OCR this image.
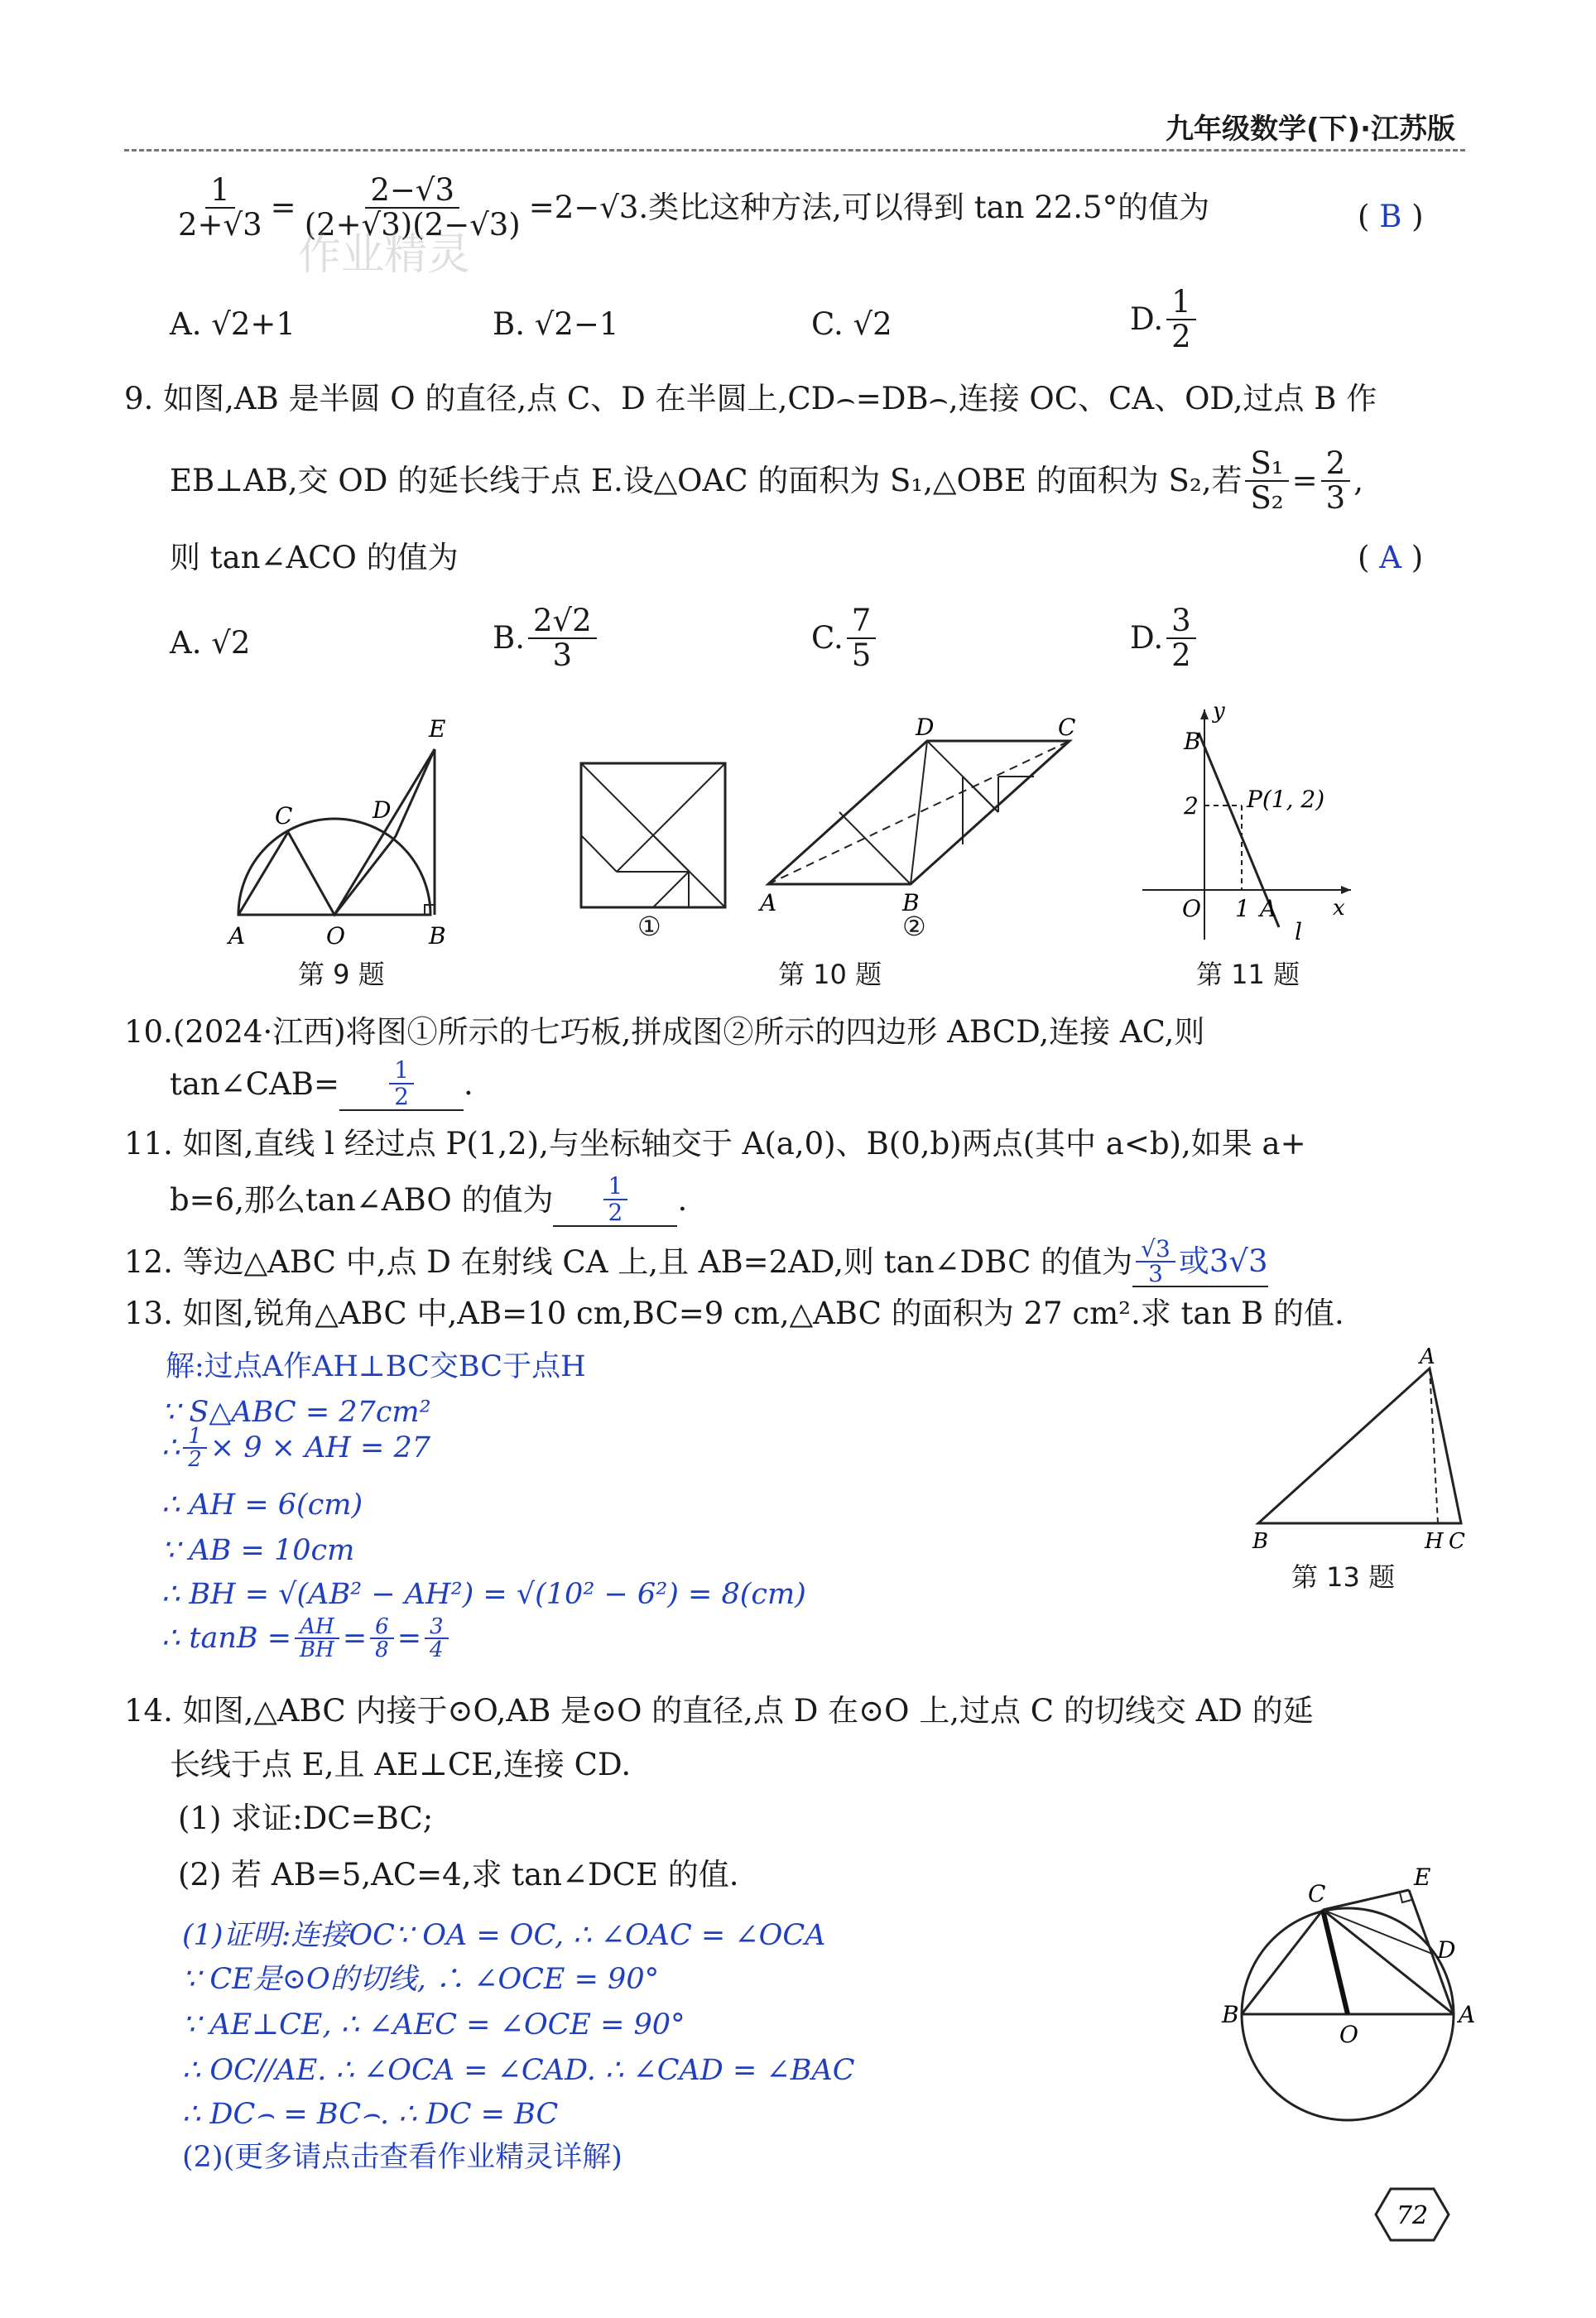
九年级数学(下)·江苏版
$\frac{1}{2+√3} = \frac{2-√3}{(2+√3)(2-√3)} =2-√3$.类比这种方法,可以得到 tan 22.5°的值为	( B )
A. √2+1	B. √2−1	C. √2	D. $\frac{1}{2}$
9. 如图,AB 是半圆 O 的直径,点 C、D 在半圆上,CD⌢=DB⌢,连接 OC、CA、OD,过点 B 作
EB⊥AB,交 OD 的延长线于点 E.设△OAC 的面积为 S₁,△OBE 的面积为 S₂,若 $\frac{\text{S₁}}{\text{S₂}} = \frac{2}{3}$ ,
则 tan∠ACO 的值为	( A )
A. √2	B. $\frac{2√2}{3}$	C. $\frac{7}{5}$	D. $\frac{3}{2}$
A	O	B
C	D
E
第 9 题
①
A	B
C
D
②
第 10 题
y
x
B
2 P(1, 2)
O 1 A
l
第 11 题
10.(2024·江西)将图①所示的七巧板,拼成图②所示的四边形 ABCD,连接 AC,则
tan∠CAB= $\frac{1}{2}$ .
11. 如图,直线 l 经过点 P(1,2),与坐标轴交于 A(a,0)、B(0,b)两点(其中 a<b),如果 a+
b=6,那么tan∠ABO 的值为 $\frac{1}{2}$ .
12. 等边△ABC 中,点 D 在射线 CA 上,且 AB=2AD,则 tan∠DBC 的值为 $\frac{√3}{3}$ 或3√3
13. 如图,锐角△ABC 中,AB=10 cm,BC=9 cm,△ABC 的面积为 27 cm².求 tan B 的值.
解:过点A作AH⊥BC交BC于点H
∵ S△ABC = 27cm²
∴ $\frac{1}{2} \times 9$ × AH = 27
∴ AH = 6(cm)
∵ AB = 10cm
∴ BH = √(AB² − AH²) = √(10² − 6²) = 8(cm)
∴ $\tan B = \frac{AH}{BH} = \frac{6}{8} = \frac{3}{4}$
A
B	H C
第 13 题
14. 如图,△ABC 内接于⊙O,AB 是⊙O 的直径,点 D 在⊙O 上,过点 C 的切线交 AD 的延
长线于点 E,且 AE⊥CE,连接 CD.
(1) 求证:DC=BC;
(2) 若 AB=5,AC=4,求 tan∠DCE 的值.
(1)证明:连接OC∵ OA = OC, ∴ ∠OAC = ∠OCA
∵ CE是⊙O的切线, ∴ ∠OCE = 90°
∵ AE⊥CE, ∴ ∠AEC = ∠OCE = 90°
∴ OC//AE. ∴ ∠OCA = ∠CAD. ∴ ∠CAD = ∠BAC
∴ DC⌢ = BC⌢. ∴ DC = BC
(2)(更多请点击查看作业精灵详解)
C
E
D
B
O
A
72
作业精灵
